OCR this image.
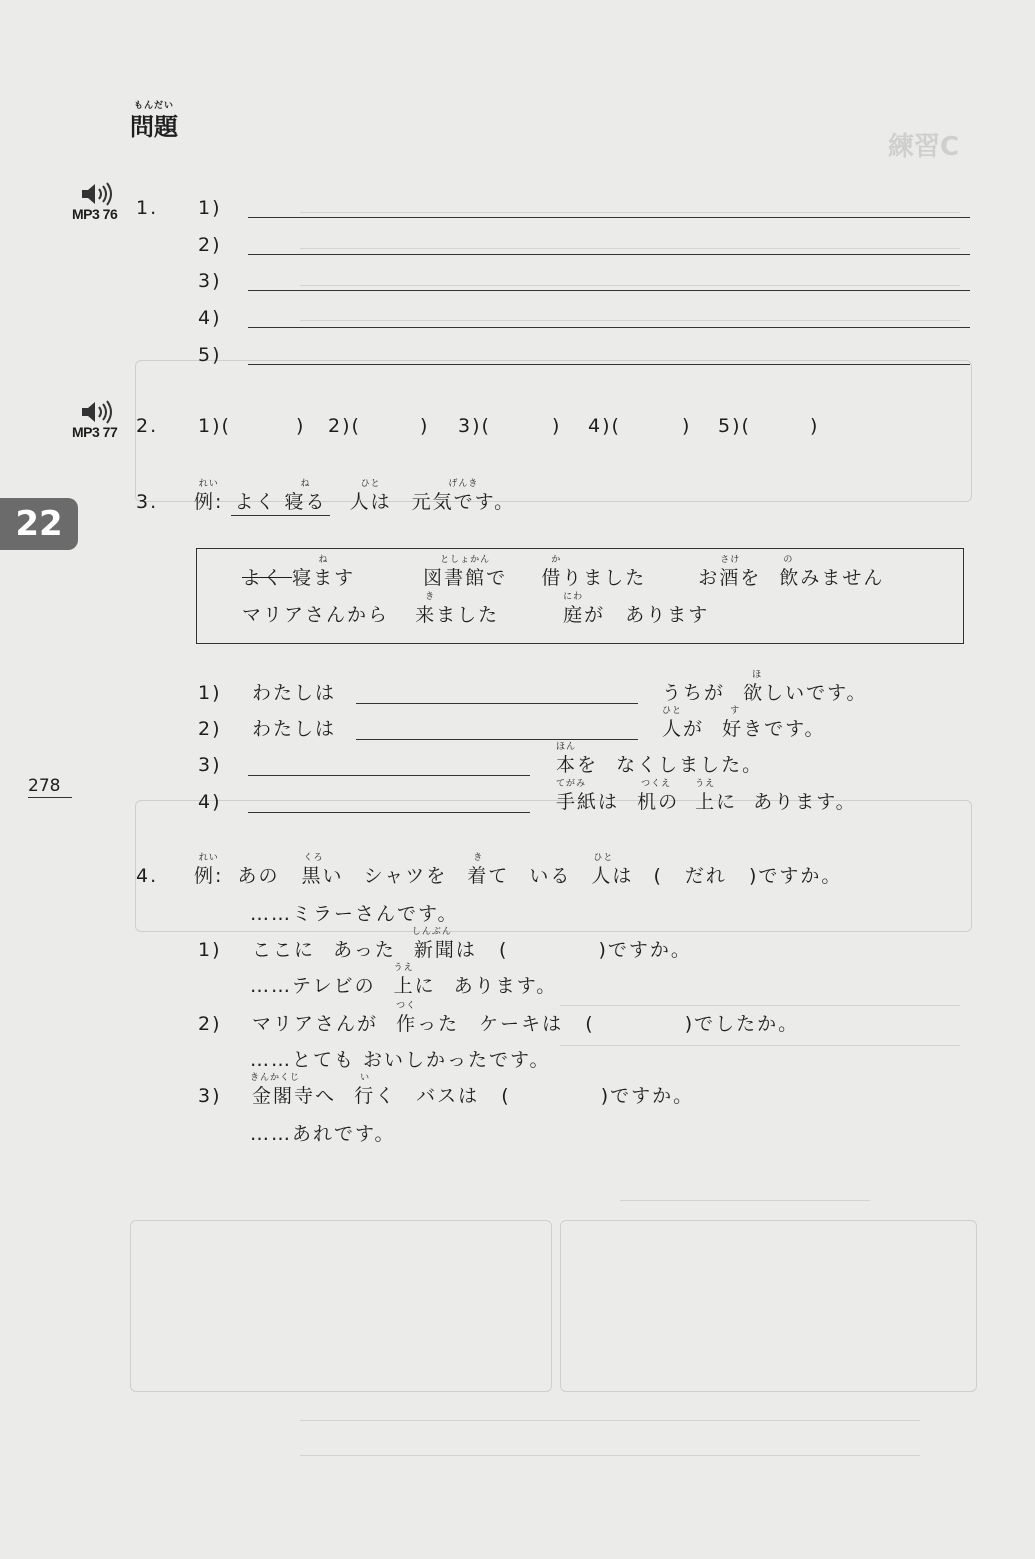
練習C
もんだい
問題
22
278
MP3 76 1. 1)
2)
3)
4)
5)
MP3 77 2. 1)(	) 2)(	) 3)(	) 4)(	) 5)(	)
3.
れい
例: よく
ね
寝る
ひと
人は
げんき
元気です。
よく
ね
寝ます
としょかん
図書館で
か
借りました
さけ
お酒を
の
飲みません
マリアさんから
き
来ました
にわ
庭が あります
1) わたしは	うちが
ほ
欲しいです。
2) わたしは
ひと
人が
す
好きです。
3)
ほん
本を なくしました。
4)
てがみ
手紙は
つくえ
机の
うえ
上に あります。
4.
れい
例: あの
くろ
黒い シャツを
き
着て いる
ひと
人は ( だれ )ですか。
……ミラーさんです。
1) ここに あった
しんぶん
新聞は (	)ですか。
……テレビの
うえ
上に あります。
2) マリアさんが
つく
作った ケーキは (	)でしたか。
……とても おいしかったです。
3)
きんかくじ
金閣寺へ
い
行く バスは (	)ですか。
……あれです。
